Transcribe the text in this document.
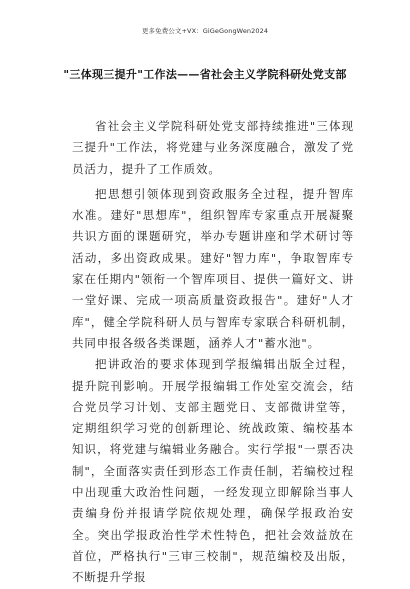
更多免费公文+VX：GiGeGongWen2024
"三体现三提升"工作法——省社会主义学院科研处党支部

省社会主义学院科研处党支部持续推进"三体现三提升"工作法，将党建与业务深度融合，激发了党员活力，提升了工作质效。

把思想引领体现到资政服务全过程，提升智库水准。建好"思想库"，组织智库专家重点开展凝聚共识方面的课题研究，举办专题讲座和学术研讨等活动，多出资政成果。建好"智力库"，争取智库专家在任期内"领衔一个智库项目、提供一篇好文、讲一堂好课、完成一项高质量资政报告"。建好"人才库"，健全学院科研人员与智库专家联合科研机制，共同申报各级各类课题，涵养人才"蓄水池"。

把讲政治的要求体现到学报编辑出版全过程，提升院刊影响。开展学报编辑工作处室交流会，结合党员学习计划、支部主题党日、支部微讲堂等，定期组织学习党的创新理论、统战政策、编校基本知识，将党建与编辑业务融合。实行学报"一票否决制"，全面落实责任到形态工作责任制，若编校过程中出现重大政治性问题，一经发现立即解除当事人责编身份并报请学院依规处理，确保学报政治安全。突出学报政治性学术性特色，把社会效益放在首位，严格执行"三审三校制"，规范编校及出版，不断提升学报
